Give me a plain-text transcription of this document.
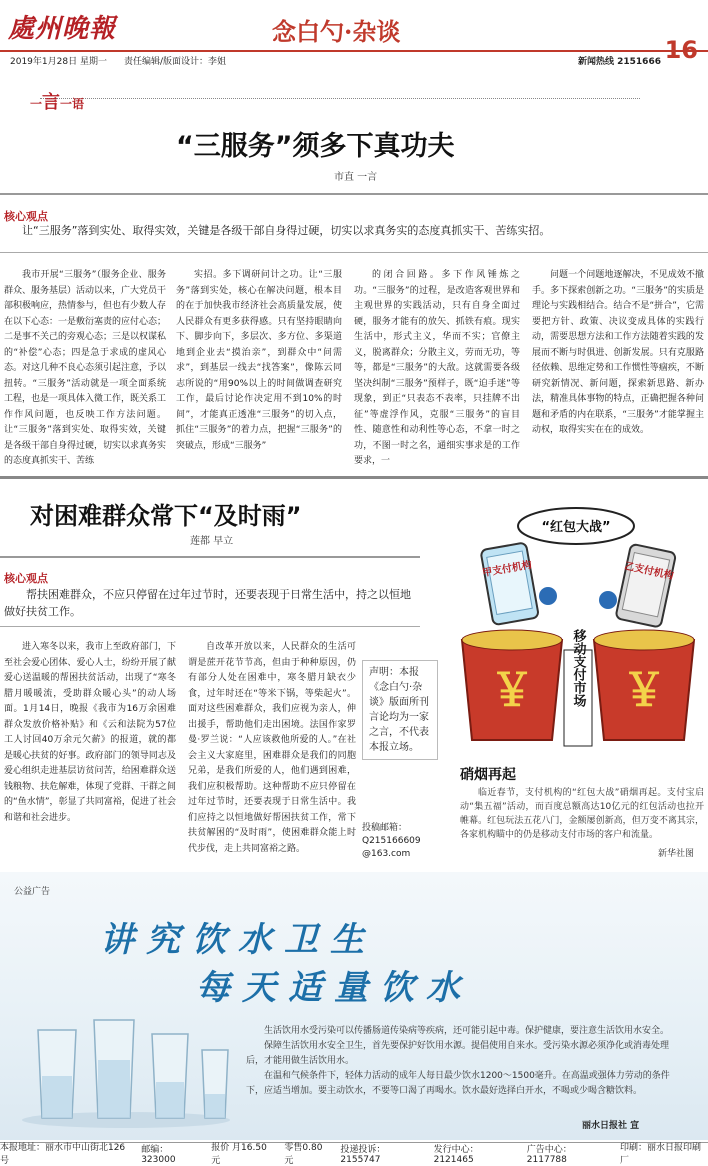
處州晚報	念白勺·杂谈
2019年1月28日 星期一 责任编辑/版面设计：李姐	新闻热线 2151666 16
一言一语
“三服务”须多下真功夫
市直 一言
核心观点
让“三服务”落到实处、取得实效，关键是各级干部自身得过硬，切实以求真务实的态度真抓实干、苦练实招。

我市开展“三服务”（服务企业、服务群众、服务基层）活动以来，广大党员干部积极响应，热情参与，但也有少数人存在以下心态：一是敷衍塞责的应付心态；二是事不关己的旁观心态；三是以权谋私的“补偿”心态；四是急于求成的虚风心态。对这几种不良心态须引起注意，予以扭转。“三服务”活动就是一项全面系统工程，也是一项具体入微工作，既关系工作作风问题，也反映工作方法问题。让“三服务”落到实处、取得实效，关键是各级干部自身得过硬，切实以求真务实的态度真抓实干、苦练

实招。多下调研问计之功。让“三服务”落到实处，核心在解决问题，根本目的在于加快我市经济社会高质量发展，使人民群众有更多获得感。只有坚持眼睛向下、脚步向下，多层次、多方位、多渠道地到企业去“摸治亲”，到群众中“问需求”，到基层一线去“找答案”，像陈云同志所说的“用90%以上的时间做调查研究工作，最后讨论作决定用不到10%的时间”，才能真正透准“三服务”的切入点，抓住“三服务”的着力点，把握“三服务”的突破点，形成“三服务”

的闭合回路。多下作风锤炼之功。“三服务”的过程，是改造客观世界和主观世界的实践活动，只有自身全面过硬，服务才能有的放矢、抓铁有痕。现实生活中，形式主义，华而不实；官僚主义，脱离群众；分散主义，劳而无功，等等，都是“三服务”的大敌。这就需要各级坚决纠制“三服务”预样子，既“迫手迷”等现象，到正“只表态不表率，只挂牌不出征”等虚浮作风，克服“三服务”的盲目性、随意性和动利性等心态，不拿一时之功，不图一时之名，通细实事求是的工作要求，一

问题一个问题地逐解决，不见成效不撤手。多下探索创新之功。“三服务”的实质是理论与实践相结合。结合不是“拼合”，它需要把方针、政策、决议变成具体的实践行动，需要思想方法和工作方法随着实践的发展而不断与时俱进、创新发展。只有克服路径依赖、思维定势和工作惯性等痼疾，不断研究新情况、新问题，探索新思路、新办法，精准具体事物的特点，正确把握各种问题和矛盾的内在联系，“三服务”才能掌握主动权，取得实实在在的成效。

对困难群众常下“及时雨”
莲都 早立
核心观点
帮扶困难群众，不应只停留在过年过节时，还要表现于日常生活中，持之以恒地做好扶贫工作。

进入寒冬以来，我市上至政府部门，下至社会爱心团体、爱心人士，纷纷开展了献爱心送温暖的帮困扶贫活动，出现了“寒冬腊月暖暖流，受助群众暖心头”的动人场面。1月14日，晚报《我市为16万余困难群众发放价格补贴》和《云和法院为57位工人讨回40万余元欠薪》的报道，就的都是暖心扶贫的好事。政府部门的领导同志及爱心组织走进基层访贫问苦，给困难群众送钱粮物、扶危解难，体现了党群、干群之间的“鱼水情”，彰显了共同富裕，促进了社会和谐和社会进步。

自改革开放以来，人民群众的生活可谓是蔗开花节节高，但由于种种原因，仍有部分人处在困难中，寒冬腊月缺衣少食，过年时还在“等米下锅，等柴起火”。面对这些困难群众，我们应视为亲人，伸出援手，帮助他们走出困境。法国作家罗曼·罗兰说：“人应该救他所爱的人。”在社会主义大家庭里，困难群众是我们的同胞兄弟，是我们所爱的人，他们遇到困难，我们应积极帮助。这种帮助不应只停留在过年过节时，还要表现于日常生活中。我们应持之以恒地做好帮困扶贫工作，常下扶贫解困的“及时雨”，使困难群众能上时代步伐，走上共同富裕之路。

声明：本报《念白勺·杂谈》版面所刊言论均为一家之言，不代表本报立场。
投稿邮箱：
Q215166609
@163.com
“红包大战”
甲支付机构	乙支付机构
￥ ￥
移动支付市场
硝烟再起
临近春节，支付机构的“红包大战”硝烟再起。支付宝启动“集五福”活动，而百度总额高达10亿元的红包活动也拉开帷幕。红包玩法五花八门，金额屡创新高，但万变不离其宗，各家机构瞄中的仍是移动支付市场的客户和流量。
新华社图
公益广告
讲究饮水卫生
每天适量饮水

生活饮用水受污染可以传播肠道传染病等疾病，还可能引起中毒。保护健康，要注意生活饮用水安全。

保障生活饮用水安全卫生，首先要保护好饮用水源。提倡使用自来水。受污染水源必须净化或消毒处理后，才能用做生活饮用水。

在温和气候条件下，轻体力活动的成年人每日最少饮水1200～1500毫升。在高温或强体力劳动的条件下，应适当增加。要主动饮水，不要等口渴了再喝水。饮水最好选择白开水，不喝或少喝含糖饮料。

丽水日报社 宣
本报地址：丽水市中山街北126号
邮编：323000
报价 月16.50元
零售0.80元
投递投诉：2155747
发行中心：2121465
广告中心：2117788
印刷：丽水日报印刷厂
